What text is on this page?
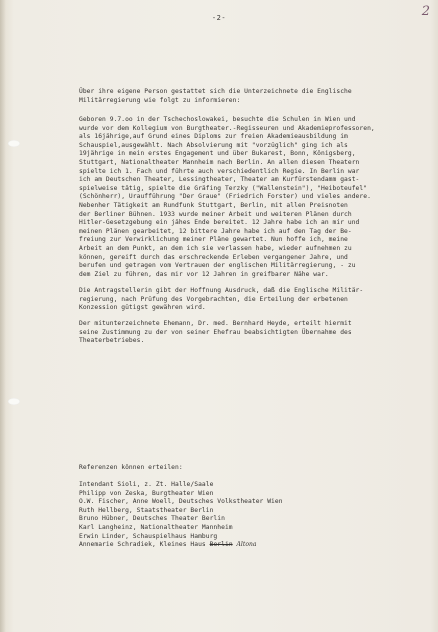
-2-	2
Über ihre eigene Person gestattet sich die Unterzeichnete die Englische
Militärregierung wie folgt zu informieren:
Geboren 9.7.oo in der Tschechoslowakei, besuchte die Schulen in Wien und
wurde vor dem Kollegium von Burgtheater.-Regisseuren und Akademieprofessoren,
als 16jährige,auf Grund eines Diploms zur freien Akademieausbildung im
Schauspiel,ausgewählt. Nach Absolvierung mit "vorzüglich" ging ich als
19jährige in mein erstes Engagement und über Bukarest, Bonn, Königsberg,
Stuttgart, Nationaltheater Mannheim nach Berlin. An allen diesen Theatern
spielte ich 1. Fach und führte auch verschiedentlich Regie. In Berlin war
ich am Deutschen Theater, Lessingtheater, Theater am Kurfürstendamm gast-
spielweise tätig, spielte die Gräfing Terzky ("Wallenstein"), "Heiboteufel"
(Schönherr), Uraufführung "Der Graue" (Friedrich Forster) und vieles andere.
Nebenher Tätigkeit am Rundfunk Stuttgart, Berlin, mit allen Preisnoten
der Berliner Bühnen. 1933 wurde meiner Arbeit und weiteren Plänen durch
Hitler-Gesetzgebung ein jähes Ende bereitet. 12 Jahre habe ich an mir und
meinen Plänen gearbeitet, 12 bittere Jahre habe ich auf den Tag der Be-
freiung zur Verwirklichung meiner Pläne gewartet. Nun hoffe ich, meine
Arbeit an dem Punkt, an dem ich sie verlassen habe, wieder aufnehmen zu
können, gereift durch das erschreckende Erleben vergangener Jahre, und
berufen und getragen vom Vertrauen der englischen Militärregierung, - zu
dem Ziel zu führen, das mir vor 12 Jahren in greifbarer Nähe war.
Die Antragstellerin gibt der Hoffnung Ausdruck, daß die Englische Militär-
regierung, nach Prüfung des Vorgebrachten, die Erteilung der erbetenen
Konzession gütigst gewähren wird.
Der mitunterzeichnete Ehemann, Dr. med. Bernhard Heyde, erteilt hiermit
seine Zustimmung zu der von seiner Ehefrau beabsichtigten Übernahme des
Theaterbetriebes.
Referenzen können erteilen:
Intendant Sioli, z. Zt. Halle/Saale
Philipp von Zeska, Burgtheater Wien
O.W. Fischer, Anne Woell, Deutsches Volkstheater Wien
Ruth Hellberg, Staatstheater Berlin
Bruno Hübner, Deutsches Theater Berlin
Karl Langheinz, Nationaltheater Mannheim
Erwin Linder, Schauspielhaus Hamburg
Annemarie Schradiek, Kleines Haus Berlin Altona
